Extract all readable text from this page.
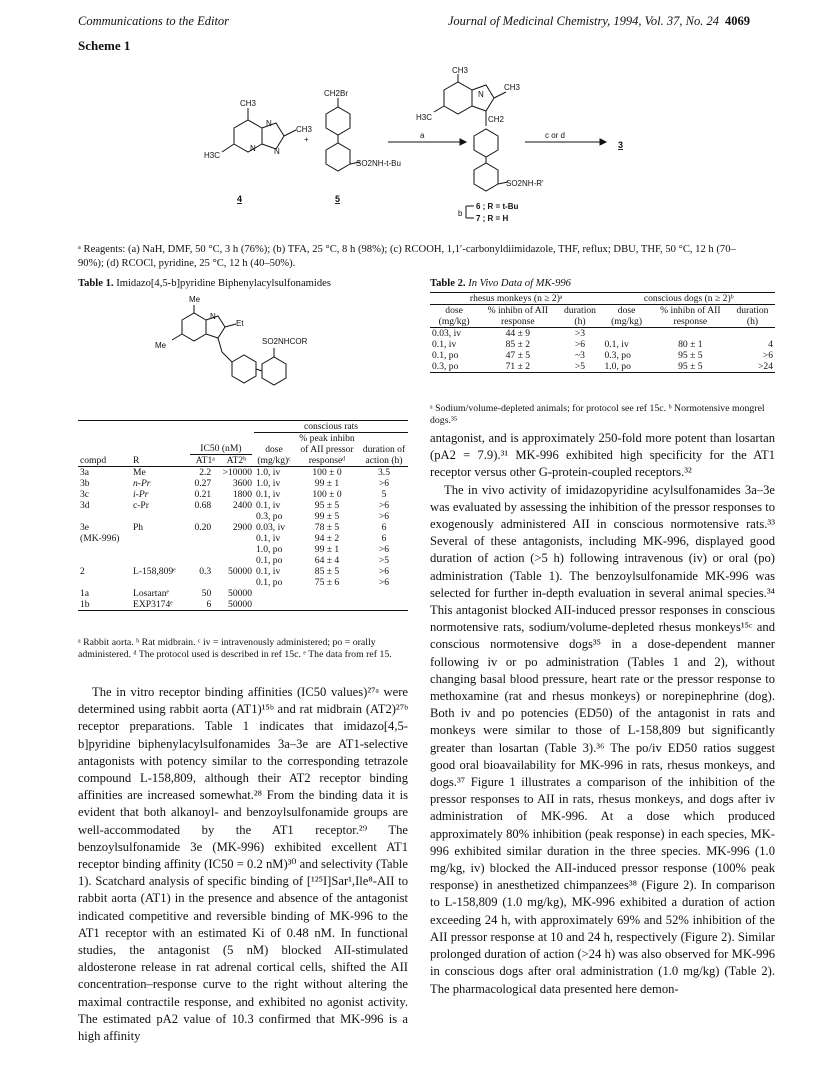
Communications to the Editor	Journal of Medicinal Chemistry, 1994, Vol. 37, No. 24 4069
Scheme 1
CH3
H3C
N
N N
CH3
+
CH2Br
SO2NH-t-Bu
4	5
a
CH3
H3C
CH3
N
CH2
SO2NH-R'
c or d
3
6 ; R = t-Bu
7 ; R = H
b
ᵃ Reagents: (a) NaH, DMF, 50 °C, 3 h (76%); (b) TFA, 25 °C, 8 h (98%); (c) RCOOH, 1,1′-carbonyldiimidazole, THF, reflux; DBU, THF, 50 °C, 12 h (70–90%); (d) RCOCl, pyridine, 25 °C, 12 h (40–50%).
Table 1. Imidazo[4,5-b]pyridine Biphenylacylsulfonamides
Me
Me
Et
N
SO2NHCOR
				conscious rats		
compd	R	IC50 (nM)
AT1ᵃ AT2ᵇ		dose (mg/kg)ᶜ	% peak inhibn of AII pressor responseᵈ	duration of action (h)
3a	Me	2.2	>10000	1.0, iv	100 ± 0	3.5
3b	n-Pr	0.27	3600	1.0, iv	99 ± 1	>6
3c	i-Pr	0.21	1800	0.1, iv	100 ± 0	5
3d	c-Pr	0.68	2400	0.1, iv	95 ± 5	>6
				0.3, po	99 ± 5	>6
3e	Ph	0.20	2900	0.03, iv	78 ± 5	6
(MK-996)				0.1, iv	94 ± 2	6
				1.0, po	99 ± 1	>6
				0.1, po	64 ± 4	>5
2	L-158,809ᵉ	0.3	50000	0.1, iv	85 ± 5	>6
				0.1, po	75 ± 6	>6
1a	Losartanᵉ	50	50000			
1b	EXP3174ᵉ	6	50000			
ᵃ Rabbit aorta. ᵇ Rat midbrain. ᶜ iv = intravenously administered; po = orally administered. ᵈ The protocol used is described in ref 15c. ᵉ The data from ref 15.
Table 2. In Vivo Data of MK-996
rhesus monkeys (n ≥ 2)ᵃ			conscious dogs (n ≥ 2)ᵇ		
dose (mg/kg)	% inhibn of AII response	duration (h)	dose (mg/kg)	% inhibn of AII response	duration (h)
0.03, iv	44 ± 9	>3			
0.1, iv	85 ± 2	>6	0.1, iv	80 ± 1	4
0.1, po	47 ± 5	~3	0.3, po	95 ± 5	>6
0.3, po	71 ± 2	>5	1.0, po	95 ± 5	>24
ᵃ Sodium/volume-depleted animals; for protocol see ref 15c. ᵇ Normotensive mongrel dogs.³⁵

The in vitro receptor binding affinities (IC50 values)²⁷ᵃ were determined using rabbit aorta (AT1)¹⁵ᵇ and rat midbrain (AT2)²⁷ᵇ receptor preparations. Table 1 indicates that imidazo[4,5-b]pyridine biphenylacylsulfonamides 3a–3e are AT1-selective antagonists with potency similar to the corresponding tetrazole compound L-158,809, although their AT2 receptor binding affinities are increased somewhat.²⁸ From the binding data it is evident that both alkanoyl- and benzoylsulfonamide groups are well-accommodated by the AT1 receptor.²⁹ The benzoylsulfonamide 3e (MK-996) exhibited excellent AT1 receptor binding affinity (IC50 = 0.2 nM)³⁰ and selectivity (Table 1). Scatchard analysis of specific binding of [¹²⁵I]Sar¹,Ile⁸-AII to rabbit aorta (AT1) in the presence and absence of the antagonist indicated competitive and reversible binding of MK-996 to the AT1 receptor with an estimated Ki of 0.48 nM. In functional studies, the antagonist (5 nM) blocked AII-stimulated aldosterone release in rat adrenal cortical cells, shifted the AII concentration–response curve to the right without altering the maximal contractile response, and exhibited no agonist activity. The estimated pA2 value of 10.3 confirmed that MK-996 is a high affinity

antagonist, and is approximately 250-fold more potent than losartan (pA2 = 7.9).³¹ MK-996 exhibited high specificity for the AT1 receptor versus other G-protein-coupled receptors.³²

The in vivo activity of imidazopyridine acylsulfonamides 3a–3e was evaluated by assessing the inhibition of the pressor responses to exogenously administered AII in conscious normotensive rats.³³ Several of these antagonists, including MK-996, displayed good duration of action (>5 h) following intravenous (iv) or oral (po) administration (Table 1). The benzoylsulfonamide MK-996 was selected for further in-depth evaluation in several animal species.³⁴ This antagonist blocked AII-induced pressor responses in conscious normotensive rats, sodium/volume-depleted rhesus monkeys¹⁵ᶜ and conscious normotensive dogs³⁵ in a dose-dependent manner following iv or po administration (Tables 1 and 2), without changing basal blood pressure, heart rate or the pressor response to methoxamine (rat and rhesus monkeys) or norepinephrine (dog). Both iv and po potencies (ED50) of the antagonist in rats and monkeys were similar to those of L-158,809 but significantly greater than losartan (Table 3).³⁶ The po/iv ED50 ratios suggest good oral bioavailability for MK-996 in rats, rhesus monkeys, and dogs.³⁷ Figure 1 illustrates a comparison of the inhibition of the pressor responses to AII in rats, rhesus monkeys, and dogs after iv administration of MK-996. At a dose which produced approximately 80% inhibition (peak response) in each species, MK-996 exhibited similar duration in the three species. MK-996 (1.0 mg/kg, iv) blocked the AII-induced pressor response (100% peak response) in anesthetized chimpanzees³⁸ (Figure 2). In comparison to L-158,809 (1.0 mg/kg), MK-996 exhibited a duration of action exceeding 24 h, with approximately 69% and 52% inhibition of the AII pressor response at 10 and 24 h, respectively (Figure 2). Similar prolonged duration of action (>24 h) was also observed for MK-996 in conscious dogs after oral administration (1.0 mg/kg) (Table 2). The pharmacological data presented here demon-
